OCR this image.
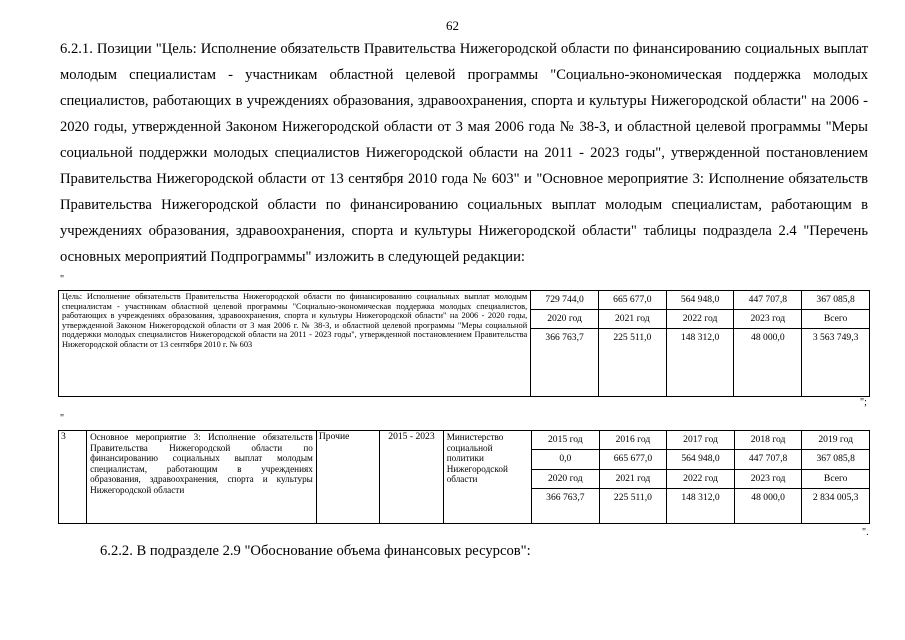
62

6.2.1. Позиции "Цель: Исполнение обязательств Правительства Нижегородской области по финансированию социальных выплат молодым специалистам - участникам областной целевой программы "Социально-экономическая поддержка молодых специалистов, работающих в учреждениях образования, здравоохранения, спорта и культуры Нижегородской области" на 2006 - 2020 годы, утвержденной Законом Нижегородской области от 3 мая 2006 года № 38-З, и областной целевой программы "Меры социальной поддержки молодых специалистов Нижегородской области на 2011 - 2023 годы", утвержденной постановлением Правительства Нижегородской области от 13 сентября 2010 года № 603" и "Основное мероприятие 3: Исполнение обязательств Правительства Нижегородской области по финансированию социальных выплат молодым специалистам, работающим в учреждениях образования, здравоохранения, спорта и культуры Нижегородской области" таблицы подраздела 2.4 "Перечень основных мероприятий Подпрограммы" изложить в следующей редакции:

"
Цель: Исполнение обязательств Правительства Нижегородской области по финансированию социальных выплат молодым специалистам - участникам областной целевой программы "Социально-экономическая поддержка молодых специалистов, работающих в учреждениях образования, здравоохранения, спорта и культуры Нижегородской области" на 2006 - 2020 годы, утвержденной Законом Нижегородской области от 3 мая 2006 г. № 38-З, и областной целевой программы "Меры социальной поддержки молодых специалистов Нижегородской области на 2011 - 2023 годы", утвержденной постановлением Правительства Нижегородской области от 13 сентября 2010 г. № 603	729 744,0	665 677,0	564 948,0	447 707,8	367 085,8
	2020 год	2021 год	2022 год	2023 год	Всего
	366 763,7	225 511,0	148 312,0	48 000,0	3 563 749,3

";
"
3	Основное мероприятие 3: Исполнение обязательств Правительства Нижегородской области по финансированию социальных выплат молодым специалистам, работающим в учреждениях образования, здравоохранения, спорта и культуры Нижегородской области	Прочие	2015 - 2023	Министерство социальной политики Нижегородской области	2015 год	2016 год	2017 год	2018 год	2019 год
					0,0	665 677,0	564 948,0	447 707,8	367 085,8
					2020 год	2021 год	2022 год	2023 год	Всего
					366 763,7	225 511,0	148 312,0	48 000,0	2 834 005,3
".

6.2.2. В подразделе 2.9 "Обоснование объема финансовых ресурсов":
